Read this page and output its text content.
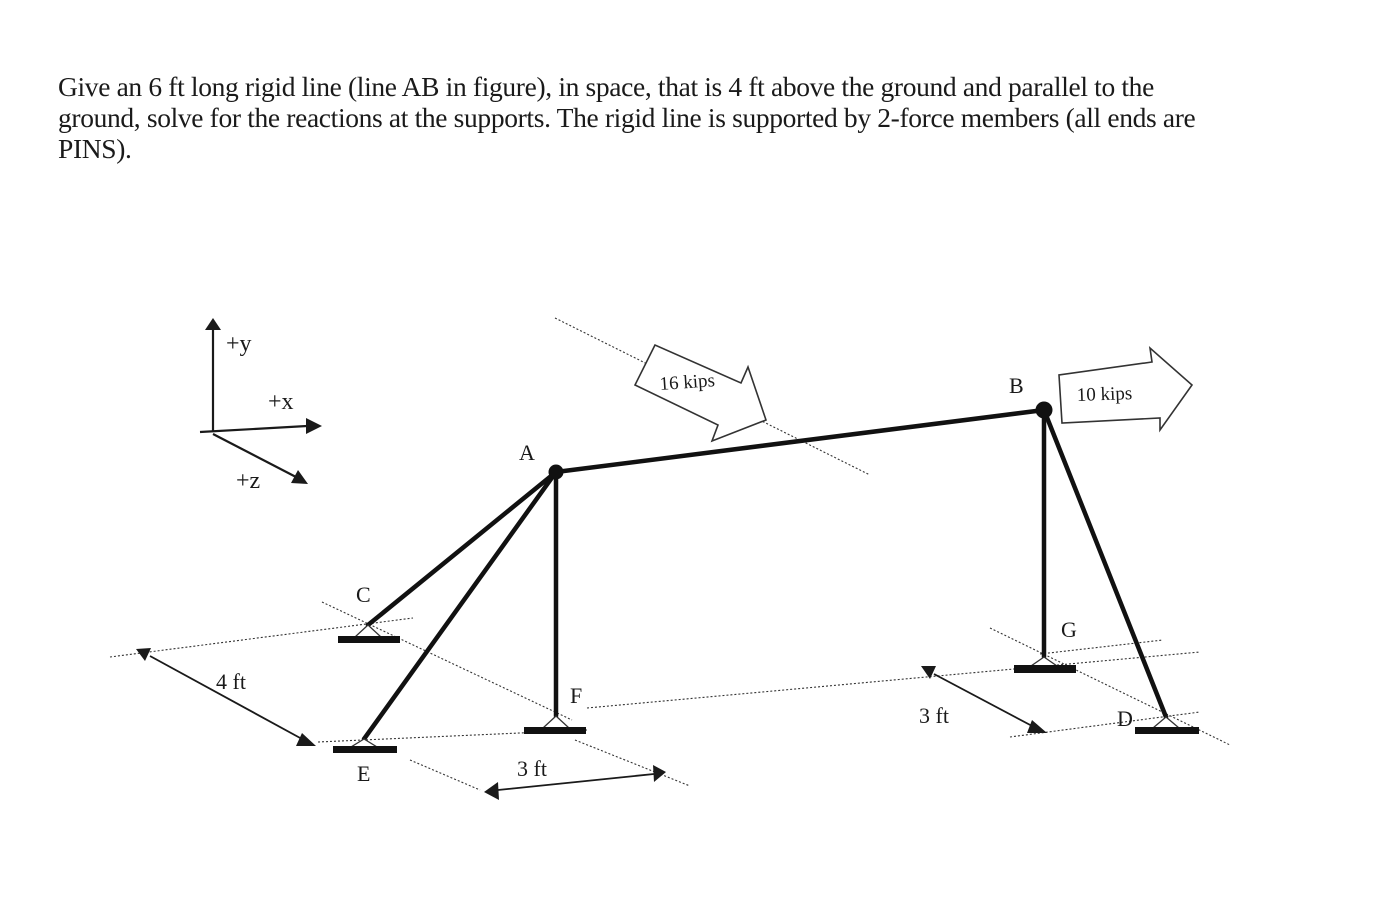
Give an 6 ft long rigid line (line AB in figure), in space, that is 4 ft above the ground and parallel to the

ground, solve for the reactions at the supports. The rigid line is supported by 2-force members (all ends are

PINS).

+y
+x
+z
16 kips	10 kips
A
B
C
D
E
F
G
4 ft
3 ft
3 ft
